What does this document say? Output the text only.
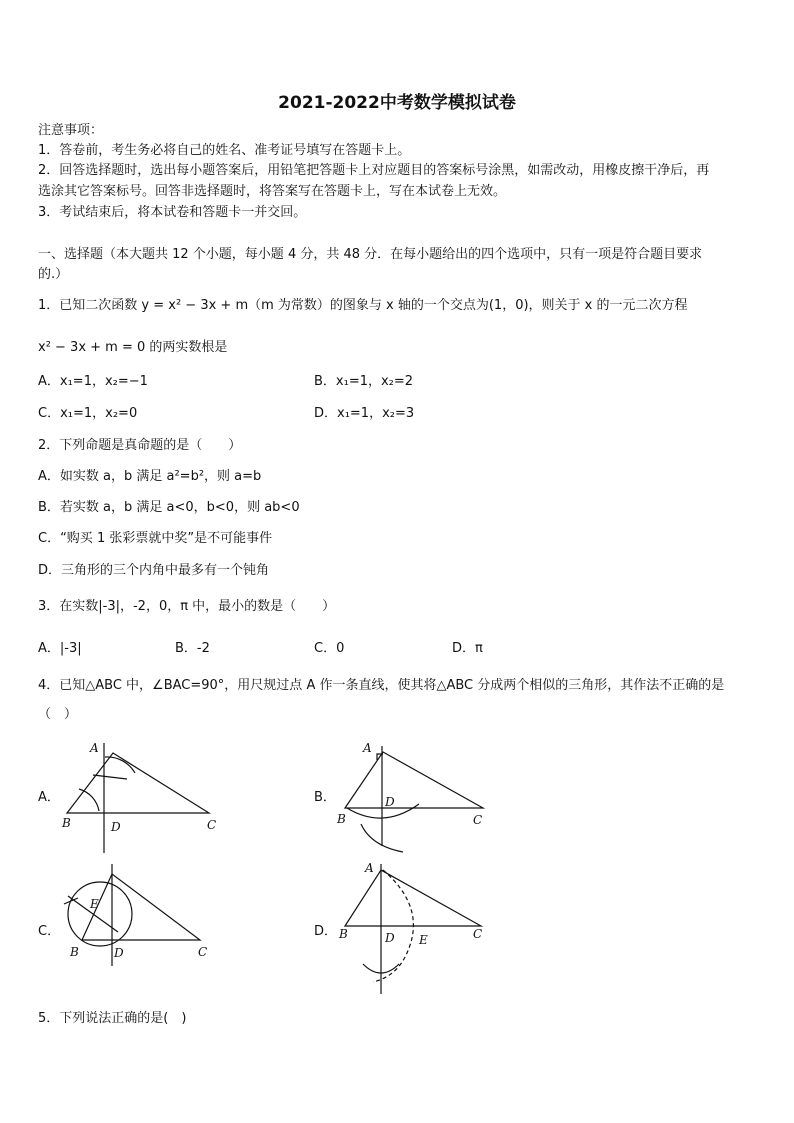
2021-2022中考数学模拟试卷
注意事项：
1．答卷前，考生务必将自己的姓名、准考证号填写在答题卡上。
2．回答选择题时，选出每小题答案后，用铅笔把答题卡上对应题目的答案标号涂黑，如需改动，用橡皮擦干净后，再
选涂其它答案标号。回答非选择题时，将答案写在答题卡上，写在本试卷上无效。
3．考试结束后，将本试卷和答题卡一并交回。
一、选择题（本大题共 12 个小题，每小题 4 分，共 48 分．在每小题给出的四个选项中，只有一项是符合题目要求
的.）
1．已知二次函数 y = x² − 3x + m（m 为常数）的图象与 x 轴的一个交点为(1，0)，则关于 x 的一元二次方程
x² − 3x + m = 0 的两实数根是
A．x₁=1，x₂=−1	B．x₁=1，x₂=2
C．x₁=1，x₂=0	D．x₁=1，x₂=3
2．下列命题是真命题的是（　　）
A．如实数 a，b 满足 a²=b²，则 a=b
B．若实数 a，b 满足 a<0，b<0，则 ab<0
C．“购买 1 张彩票就中奖”是不可能事件
D．三角形的三个内角中最多有一个钝角
3．在实数|-3|，-2，0，π 中，最小的数是（　　）
A．|-3|	B．-2	C．0	D．π
4．已知△ABC 中，∠BAC=90°，用尺规过点 A 作一条直线，使其将△ABC 分成两个相似的三角形，其作法不正确的是
（　）
A．	B．
C．	D．
A
B	D	C
A
B
D
C
B	D
E
C
A
B	D E	C
5．下列说法正确的是(　)
